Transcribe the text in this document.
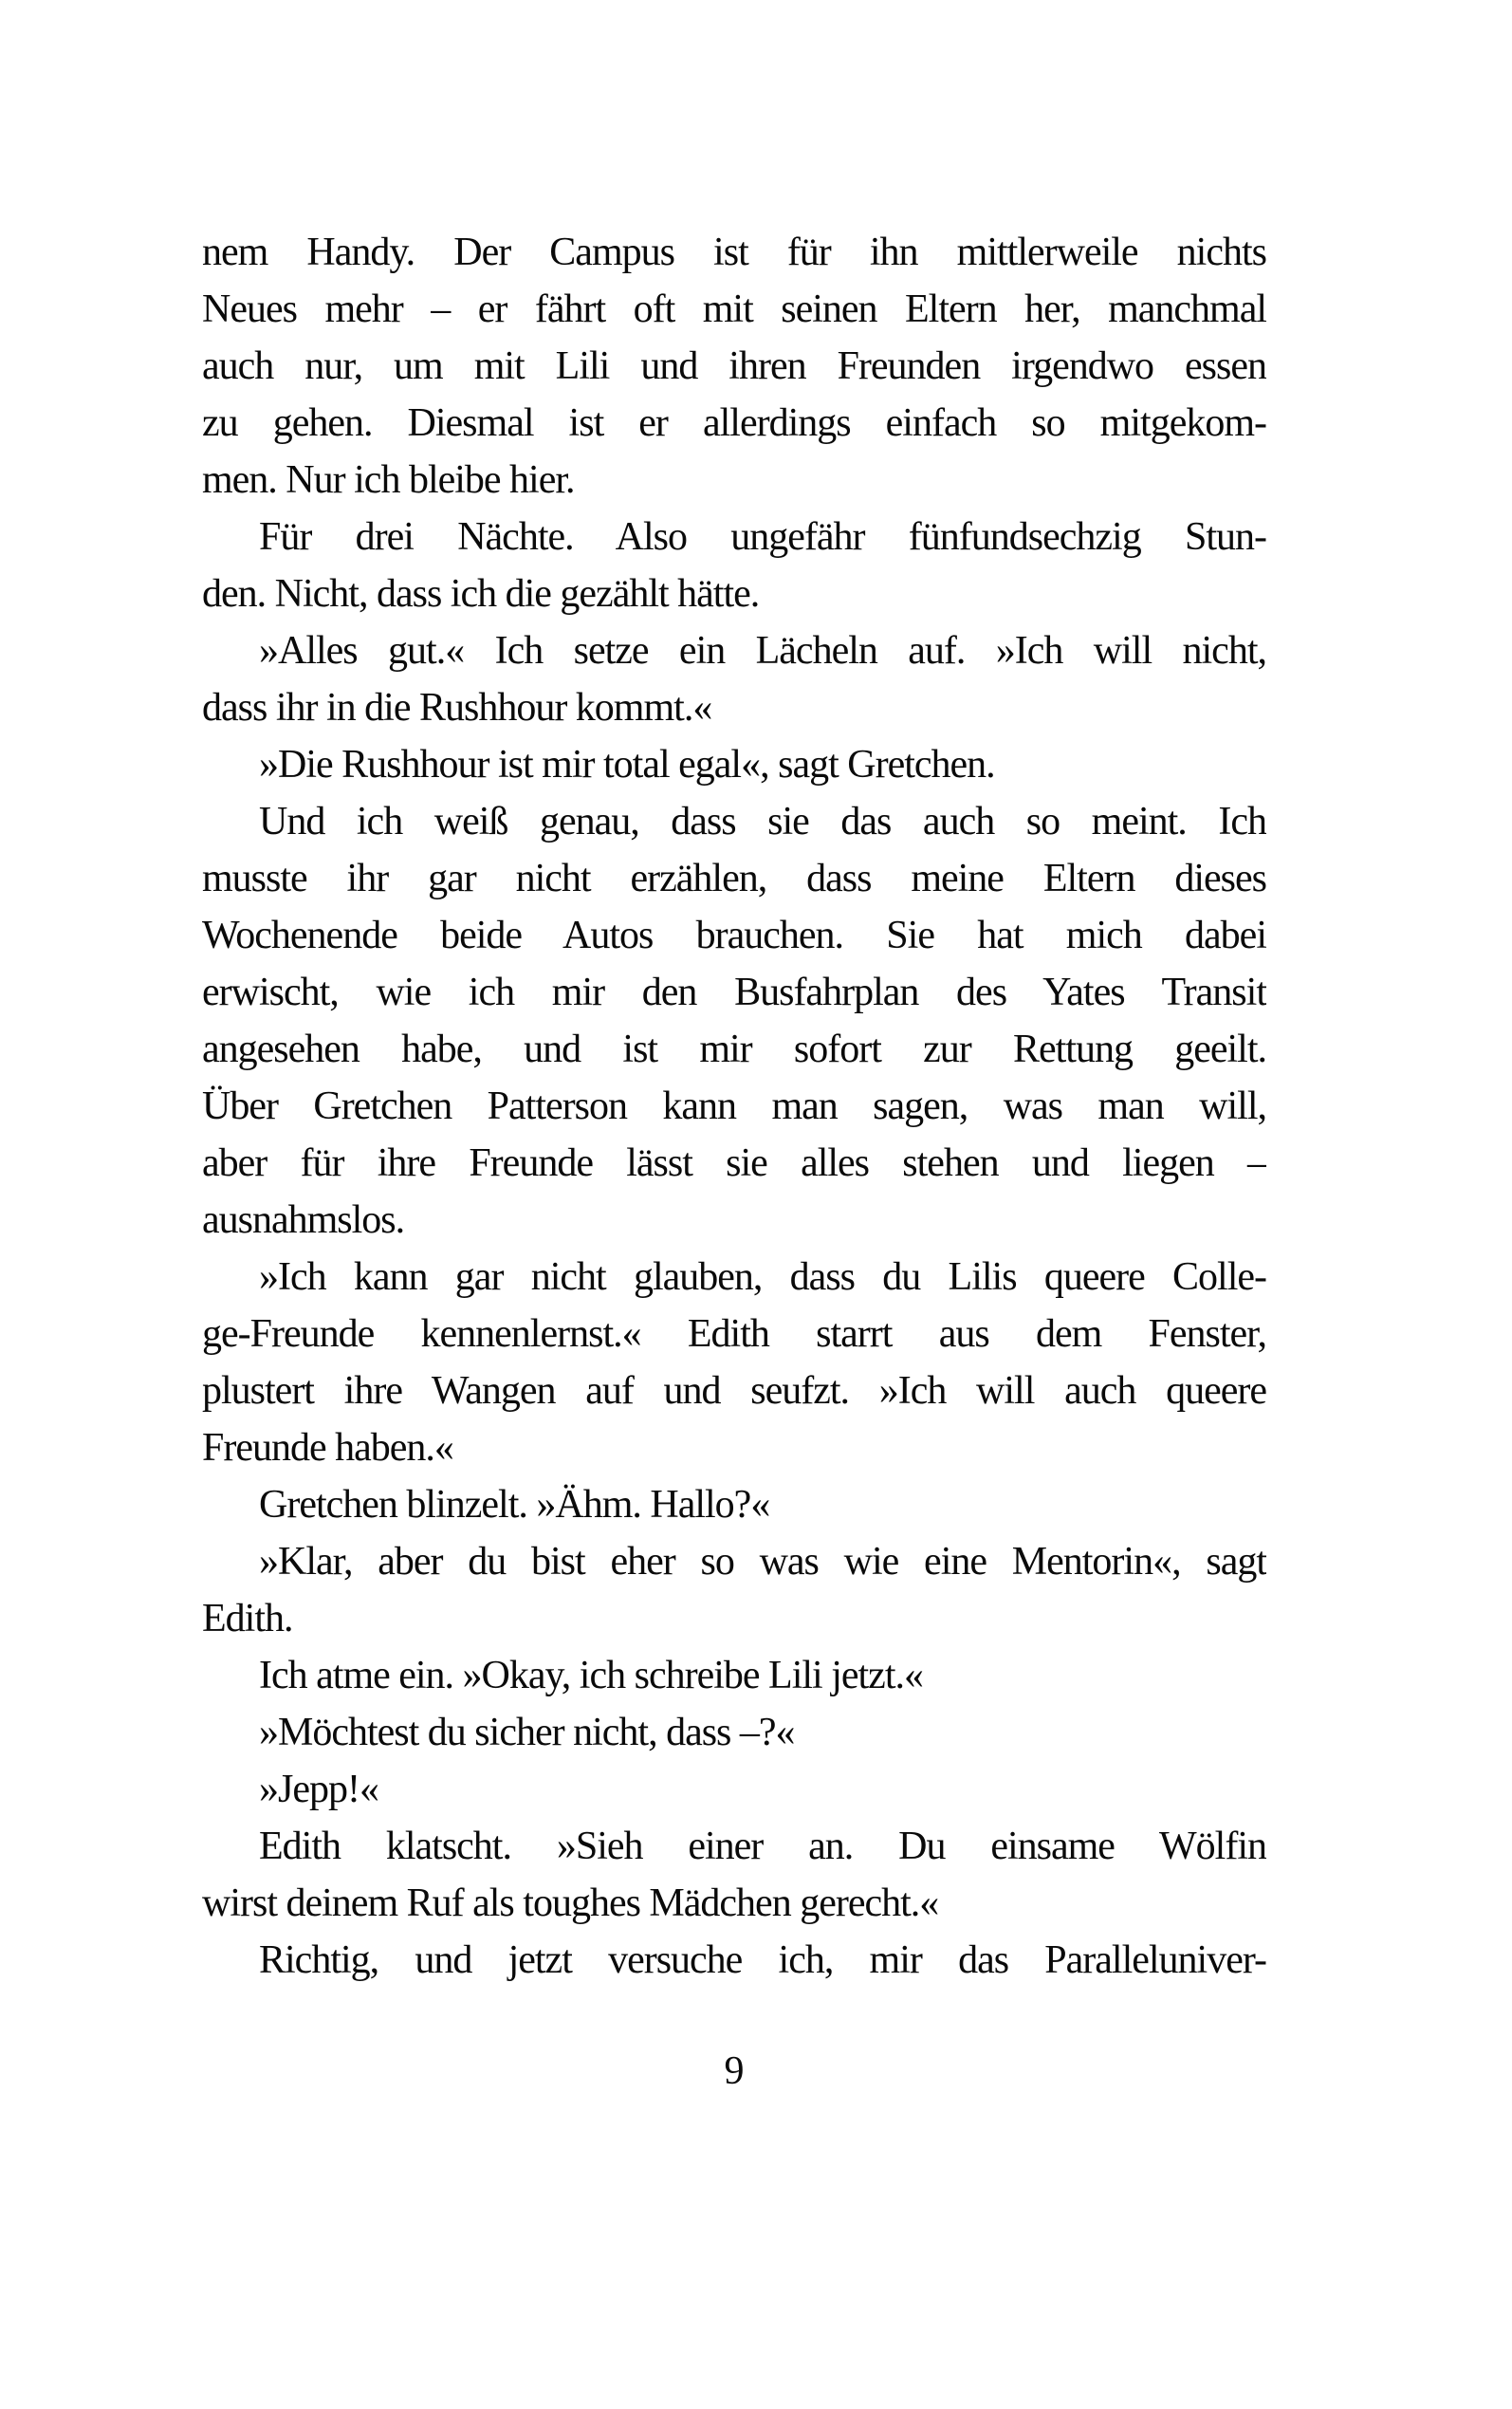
nem Handy. Der Campus ist für ihn mittlerweile nichts
Neues mehr – er fährt oft mit seinen Eltern her, manchmal
auch nur, um mit Lili und ihren Freunden irgendwo essen
zu gehen. Diesmal ist er allerdings einfach so mitgekom-
men. Nur ich bleibe hier.
Für drei Nächte. Also ungefähr fünfundsechzig Stun-
den. Nicht, dass ich die gezählt hätte.
»Alles gut.« Ich setze ein Lächeln auf. »Ich will nicht,
dass ihr in die Rushhour kommt.«
»Die Rushhour ist mir total egal«, sagt Gretchen.
Und ich weiß genau, dass sie das auch so meint. Ich
musste ihr gar nicht erzählen, dass meine Eltern dieses
Wochenende beide Autos brauchen. Sie hat mich dabei
erwischt, wie ich mir den Busfahrplan des Yates Transit
angesehen habe, und ist mir sofort zur Rettung geeilt.
Über Gretchen Patterson kann man sagen, was man will,
aber für ihre Freunde lässt sie alles stehen und liegen –
ausnahmslos.
»Ich kann gar nicht glauben, dass du Lilis queere Colle-
ge-Freunde kennenlernst.« Edith starrt aus dem Fenster,
plustert ihre Wangen auf und seufzt. »Ich will auch queere
Freunde haben.«
Gretchen blinzelt. »Ähm. Hallo?«
»Klar, aber du bist eher so was wie eine Mentorin«, sagt
Edith.
Ich atme ein. »Okay, ich schreibe Lili jetzt.«
»Möchtest du sicher nicht, dass –?«
»Jepp!«
Edith klatscht. »Sieh einer an. Du einsame Wölfin
wirst deinem Ruf als toughes Mädchen gerecht.«
Richtig, und jetzt versuche ich, mir das Paralleluniver-
9
